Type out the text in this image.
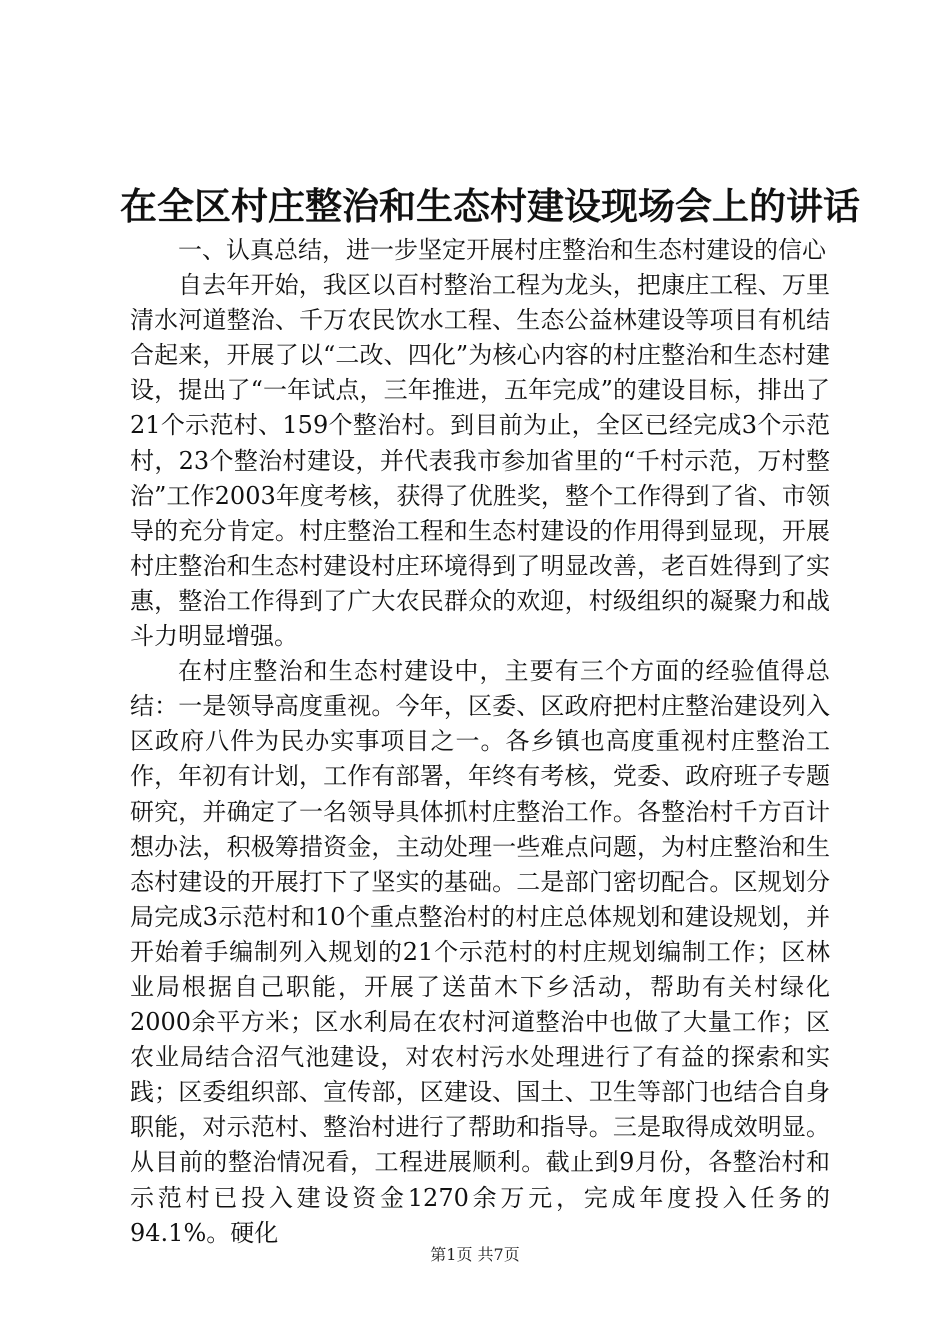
在全区村庄整治和生态村建设现场会上的讲话

一、认真总结，进一步坚定开展村庄整治和生态村建设的信心

自去年开始，我区以百村整治工程为龙头，把康庄工程、万里清水河道整治、千万农民饮水工程、生态公益林建设等项目有机结合起来，开展了以“二改、四化”为核心内容的村庄整治和生态村建设，提出了“一年试点，三年推进，五年完成”的建设目标，排出了21个示范村、159个整治村。到目前为止，全区已经完成3个示范村，23个整治村建设，并代表我市参加省里的“千村示范，万村整治”工作2003年度考核，获得了优胜奖，整个工作得到了省、市领导的充分肯定。村庄整治工程和生态村建设的作用得到显现，开展村庄整治和生态村建设村庄环境得到了明显改善，老百姓得到了实惠，整治工作得到了广大农民群众的欢迎，村级组织的凝聚力和战斗力明显增强。

在村庄整治和生态村建设中，主要有三个方面的经验值得总结：一是领导高度重视。今年，区委、区政府把村庄整治建设列入区政府八件为民办实事项目之一。各乡镇也高度重视村庄整治工作，年初有计划，工作有部署，年终有考核，党委、政府班子专题研究，并确定了一名领导具体抓村庄整治工作。各整治村千方百计想办法，积极筹措资金，主动处理一些难点问题，为村庄整治和生态村建设的开展打下了坚实的基础。二是部门密切配合。区规划分局完成3示范村和10个重点整治村的村庄总体规划和建设规划，并开始着手编制列入规划的21个示范村的村庄规划编制工作；区林业局根据自己职能，开展了送苗木下乡活动，帮助有关村绿化2000余平方米；区水利局在农村河道整治中也做了大量工作；区农业局结合沼气池建设，对农村污水处理进行了有益的探索和实践；区委组织部、宣传部，区建设、国土、卫生等部门也结合自身职能，对示范村、整治村进行了帮助和指导。三是取得成效明显。从目前的整治情况看，工程进展顺利。截止到9月份，各整治村和示范村已投入建设资金1270余万元，完成年度投入任务的94.1%。硬化

第1页 共7页
